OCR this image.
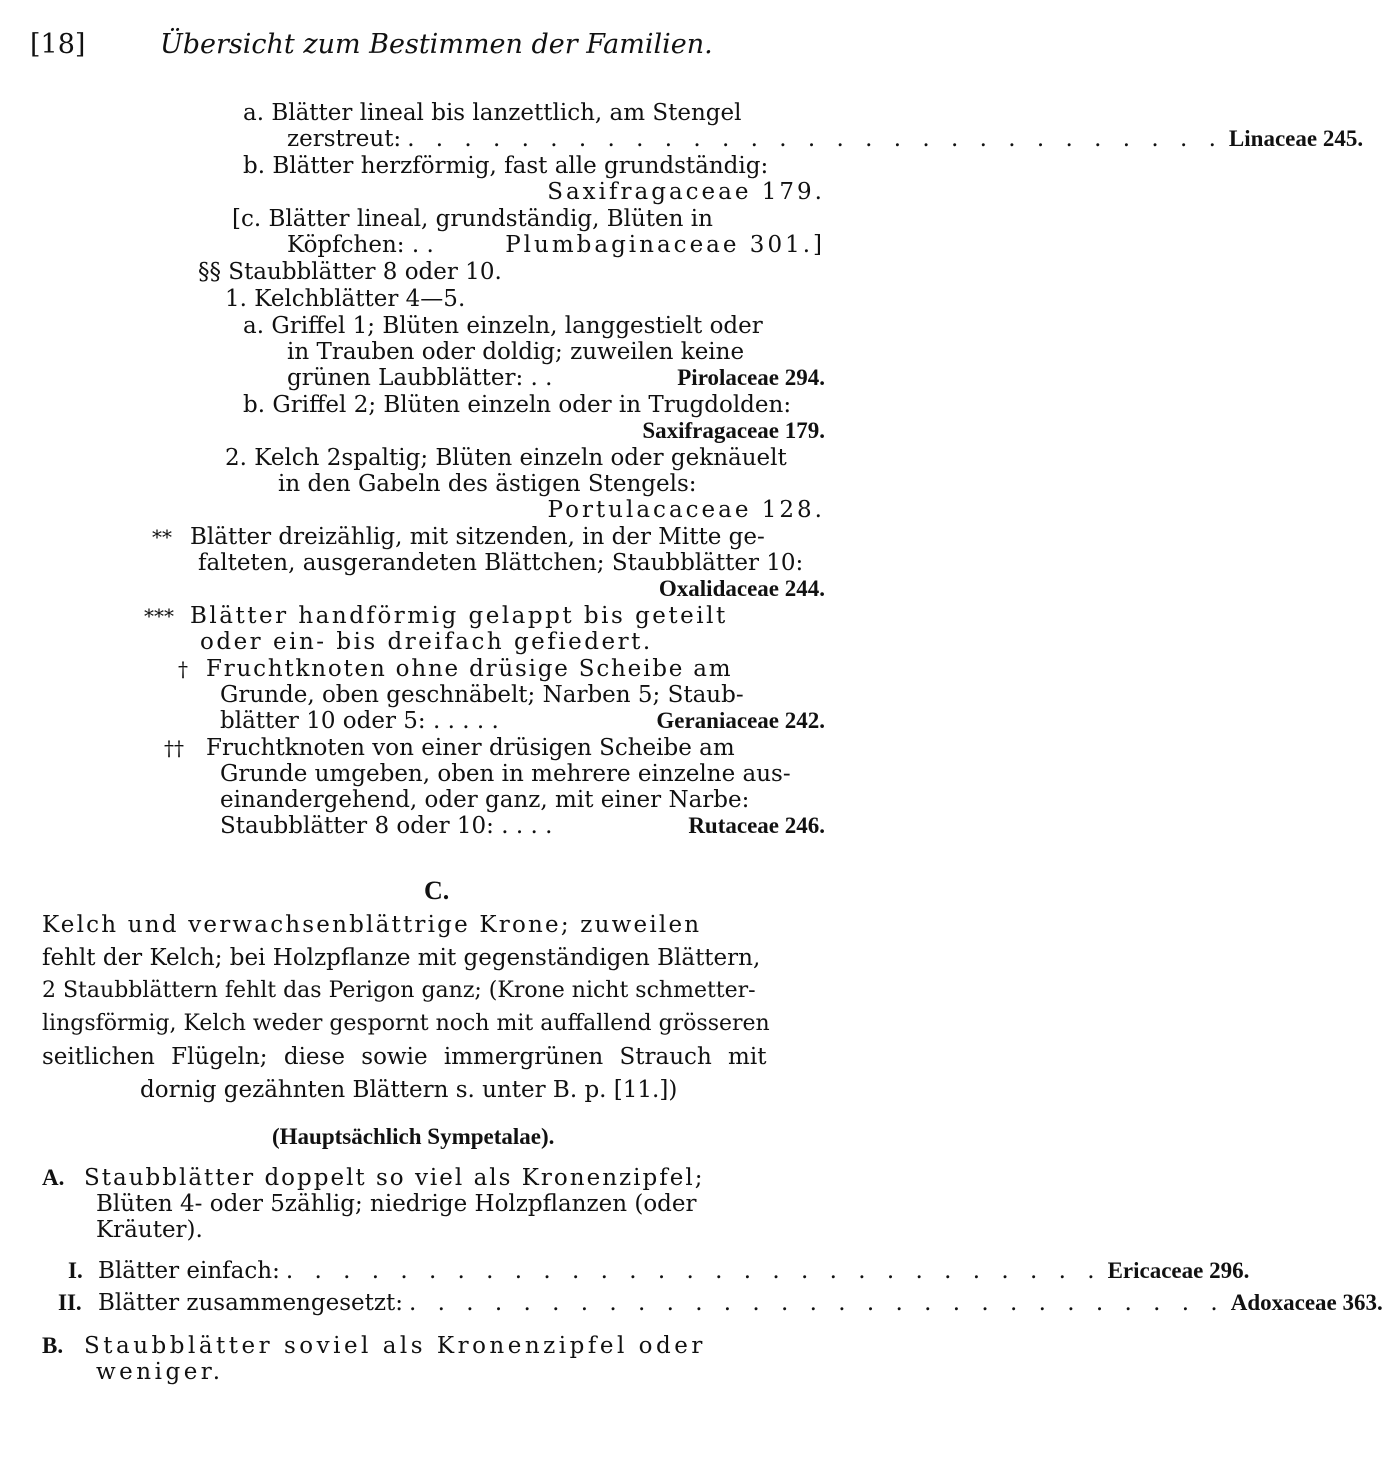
[18]	Übersicht zum Bestimmen der Familien.
a. Blätter lineal bis lanzettlich, am Stengel
zerstreut: . . . . . . . . . . . . . . . . . . . . . . . . . . . . . Linaceae 245.
b. Blätter herzförmig, fast alle grundständig:
Saxifragaceae 179.
[c. Blätter lineal, grundständig, Blüten in
Köpfchen: . .	Plumbaginaceae 301.]
§§ Staubblätter 8 oder 10.
1. Kelchblätter 4—5.
a. Griffel 1; Blüten einzeln, langgestielt oder
in Trauben oder doldig; zuweilen keine
grünen Laubblätter: . .	Pirolaceae 294.
b. Griffel 2; Blüten einzeln oder in Trugdolden:
Saxifragaceae 179.
2. Kelch 2spaltig; Blüten einzeln oder geknäuelt
in den Gabeln des ästigen Stengels:
Portulacaceae 128.
** Blätter dreizählig, mit sitzenden, in der Mitte ge-
falteten, ausgerandeten Blättchen; Staubblätter 10:
Oxalidaceae 244.
*** Blätter handförmig gelappt bis geteilt
oder ein- bis dreifach gefiedert.
† Fruchtknoten ohne drüsige Scheibe am
Grunde, oben geschnäbelt; Narben 5; Staub-
blätter 10 oder 5: . . . . .	Geraniaceae 242.
†† Fruchtknoten von einer drüsigen Scheibe am
Grunde umgeben, oben in mehrere einzelne aus-
einandergehend, oder ganz, mit einer Narbe:
Staubblätter 8 oder 10: . . . .	Rutaceae 246.
C.
Kelch und verwachsenblättrige Krone; zuweilen
fehlt der Kelch; bei Holzpflanze mit gegenständigen Blättern,
2 Staubblättern fehlt das Perigon ganz; (Krone nicht schmetter-
lingsförmig, Kelch weder gespornt noch mit auffallend grösseren
seitlichen Flügeln; diese sowie immergrünen Strauch mit
dornig gezähnten Blättern s. unter B. p. [11.])
(Hauptsächlich Sympetalae).
A. Staubblätter doppelt so viel als Kronenzipfel;
Blüten 4- oder 5zählig; niedrige Holzpflanzen (oder
Kräuter).
I. Blätter einfach: . . . . . . . . . . . . . . . . . . . . . . . . . . . . . Ericaceae 296.
II. Blätter zusammengesetzt: . . . . . . . . . . . . . . . . . . . . . . . . . . . . . Adoxaceae 363.
B. Staubblätter soviel als Kronenzipfel oder
weniger.
